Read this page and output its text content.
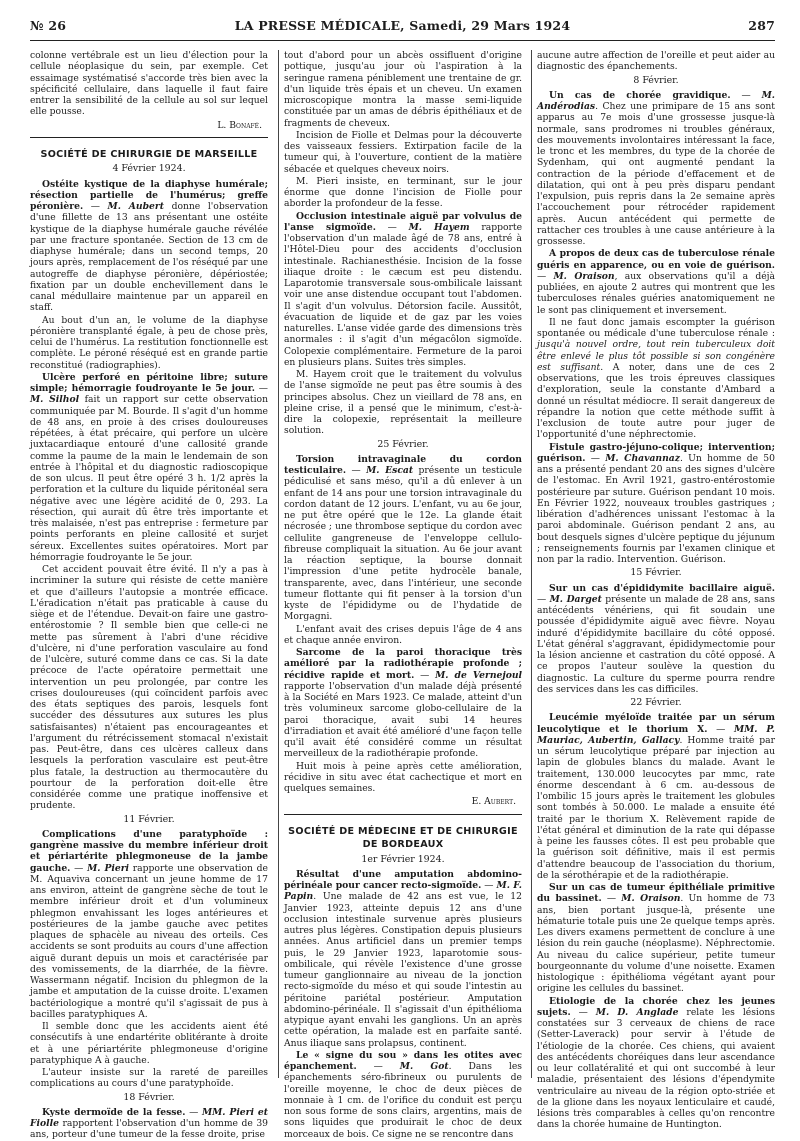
№ 26	LA PRESSE MÉDICALE, Samedi, 29 Mars 1924	287

colonne vertébrale est un lieu d'élection pour la cellule néoplasique du sein, par exemple. Cet essaimage systématisé s'accorde très bien avec la spécificité cellulaire, dans laquelle il faut faire entrer la sensibilité de la cellule au sol sur lequel elle pousse.

L. Bonafé.

SOCIÉTÉ DE CHIRURGIE DE MARSEILLE
4 Février 1924.

Ostéite kystique de la diaphyse humérale; résection partielle de l'humérus; greffe péronière. — M. Aubert donne l'observation d'une fillette de 13 ans présentant une ostéite kystique de la diaphyse humérale gauche révélée par une fracture spontanée. Section de 13 cm de diaphyse humérale; dans un second temps, 20 jours après, remplacement de l'os réséqué par une autogreffe de diaphyse péronière, dépériostée; fixation par un double enchevillement dans le canal médullaire maintenue par un appareil en staff.

Au bout d'un an, le volume de la diaphyse péronière transplanté égale, à peu de chose près, celui de l'humérus. La restitution fonctionnelle est complète. Le péroné réséqué est en grande partie reconstitué (radiographies).

Ulcère perforé en péritoine libre; suture simple; hémorragie foudroyante le 5e jour. — M. Silhol fait un rapport sur cette observation communiquée par M. Bourde. Il s'agit d'un homme de 48 ans, en proie à des crises douloureuses répétées, à état précaire, qui perfore un ulcère juxtacardiaque entouré d'une callosité grande comme la paume de la main le lendemain de son entrée à l'hôpital et du diagnostic radioscopique de son ulcus. Il peut être opéré 3 h. 1/2 après la perforation et la culture du liquide péritonéal sera négative avec une légère acidité de 0, 293. La résection, qui aurait dû être très importante et très malaisée, n'est pas entreprise : fermeture par points perforants en pleine callosité et surjet séreux. Excellentes suites opératoires. Mort par hémorragie foudroyante le 5e jour.

Cet accident pouvait être évité. Il n'y a pas à incriminer la suture qui résiste de cette manière et que d'ailleurs l'autopsie a montrée efficace. L'éradication n'était pas praticable à cause du siège et de l'étendue. Devait-on faire une gastro-entérostomie ? Il semble bien que celle-ci ne mette pas sûrement à l'abri d'une récidive d'ulcère, ni d'une perforation vasculaire au fond de l'ulcère, suturé comme dans ce cas. Si la date précoce de l'acte opératoire permettait une intervention un peu prolongée, par contre les crises douloureuses (qui coïncident parfois avec des états septiques des parois, lesquels font succéder des déssutures aux sutures les plus satisfaisantes) n'étaient pas encourageantes et l'argument du rétrécissement stomacal n'existait pas. Peut-être, dans ces ulcères calleux dans lesquels la perforation vasculaire est peut-être plus fatale, la destruction au thermocautère du pourtour de la perforation doit-elle être considérée comme une pratique inoffensive et prudente.

11 Février.

Complications d'une paratyphoïde : gangrène massive du membre inférieur droit et périartérite phlegmoneuse de la jambe gauche. — M. Pieri rapporte une observation de M. Aquaviva concernant un jeune homme de 17 ans environ, atteint de gangrène sèche de tout le membre inférieur droit et d'un volumineux phlegmon envahissant les loges antérieures et postérieures de la jambe gauche avec petites plaques de sphacèle au niveau des orteils. Ces accidents se sont produits au cours d'une affection aiguë durant depuis un mois et caractérisée par des vomissements, de la diarrhée, de la fièvre. Wassermann négatif. Incision du phlegmon de la jambe et amputation de la cuisse droite. L'examen bactériologique a montré qu'il s'agissait de pus à bacilles paratyphiques A.

Il semble donc que les accidents aient été consécutifs à une endartérite oblitérante à droite et à une périartérite phlegmoneuse d'origine paratyphique A à gauche.

L'auteur insiste sur la rareté de pareilles complications au cours d'une paratyphoïde.

18 Février.

Kyste dermoïde de la fesse. — MM. Pieri et Fiolle rapportent l'observation d'un homme de 39 ans, porteur d'une tumeur de la fesse droite, prise

tout d'abord pour un abcès ossifluent d'origine pottique, jusqu'au jour où l'aspiration à la seringue ramena péniblement une trentaine de gr. d'un liquide très épais et un cheveu. Un examen microscopique montra la masse semi-liquide constituée par un amas de débris épithéliaux et de fragments de cheveux.

Incision de Fiolle et Delmas pour la découverte des vaisseaux fessiers. Extirpation facile de la tumeur qui, à l'ouverture, contient de la matière sébacée et quelques cheveux noirs.

M. Pieri insiste, en terminant, sur le jour énorme que donne l'incision de Fiolle pour aborder la profondeur de la fesse.

Occlusion intestinale aiguë par volvulus de l'anse sigmoïde. — M. Hayem rapporte l'observation d'un malade âgé de 78 ans, entré à l'Hôtel-Dieu pour des accidents d'occlusion intestinale. Rachianesthésie. Incision de la fosse iliaque droite : le cæcum est peu distendu. Laparotomie transversale sous-ombilicale laissant voir une anse distendue occupant tout l'abdomen. Il s'agit d'un volvulus. Détorsion facile. Aussitôt, évacuation de liquide et de gaz par les voies naturelles. L'anse vidée garde des dimensions très anormales : il s'agit d'un mégacôlon sigmoïde. Colopexie complémentaire. Fermeture de la paroi en plusieurs plans. Suites très simples.

M. Hayem croit que le traitement du volvulus de l'anse sigmoïde ne peut pas être soumis à des principes absolus. Chez un vieillard de 78 ans, en pleine crise, il a pensé que le minimum, c'est-à-dire la colopexie, représentait la meilleure solution.

25 Février.

Torsion intravaginale du cordon testiculaire. — M. Escat présente un testicule pédiculisé et sans méso, qu'il a dû enlever à un enfant de 14 ans pour une torsion intravaginale du cordon datant de 12 jours. L'enfant, vu au 6e jour, ne put être opéré que le 12e. La glande était nécrosée ; une thrombose septique du cordon avec cellulite gangreneuse de l'enveloppe cellulo-fibreuse compliquait la situation. Au 6e jour avant la réaction septique, la bourse donnait l'impression d'une petite hydrocèle banale, transparente, avec, dans l'intérieur, une seconde tumeur flottante qui fit penser à la torsion d'un kyste de l'épididyme ou de l'hydatide de Morgagni.

L'enfant avait des crises depuis l'âge de 4 ans et chaque année environ.

Sarcome de la paroi thoracique très amélioré par la radiothérapie profonde ; récidive rapide et mort. — M. de Vernejoul rapporte l'observation d'un malade déjà présenté à la Société en Mars 1923. Ce malade, atteint d'un très volumineux sarcome globo-cellulaire de la paroi thoracique, avait subi 14 heures d'irradiation et avait été amélioré d'une façon telle qu'il avait été considéré comme un résultat merveilleux de la radiothérapie profonde.

Huit mois à peine après cette amélioration, récidive in situ avec état cachectique et mort en quelques semaines.

E. Aubert.

SOCIÉTÉ DE MÉDECINE ET DE CHIRURGIE
DE BORDEAUX
1er Février 1924.

Résultat d'une amputation abdomino-périnéale pour cancer recto-sigmoïde. — M. F. Papin. Une malade de 42 ans est vue, le 12 Janvier 1923, atteinte depuis 12 ans d'une occlusion intestinale survenue après plusieurs autres plus légères. Constipation depuis plusieurs années. Anus artificiel dans un premier temps puis, le 29 Janvier 1923, laparotomie sous-ombilicale, qui révèle l'existence d'une grosse tumeur ganglionnaire au niveau de la jonction recto-sigmoïde du méso et qui soude l'intestin au péritoine pariétal postérieur. Amputation abdomino-périnéale. Il s'agissait d'un épithélioma atypique ayant envahi les ganglions. Un an après cette opération, la malade est en parfaite santé. Anus iliaque sans prolapsus, continent.

Le « signe du sou » dans les otites avec épanchement. — M. Got. Dans les épanchements séro-fibrineux ou purulents de l'oreille moyenne, le choc de deux pièces de monnaie à 1 cm. de l'orifice du conduit est perçu non sous forme de sons clairs, argentins, mais de sons liquides que produirait le choc de deux morceaux de bois. Ce signe ne se rencontre dans

aucune autre affection de l'oreille et peut aider au diagnostic des épanchements.

8 Février.

Un cas de chorée gravidique. — M. Andérodias. Chez une primipare de 15 ans sont apparus au 7e mois d'une grossesse jusque-là normale, sans prodromes ni troubles généraux, des mouvements involontaires intéressant la face, le tronc et les membres, du type de la chorée de Sydenham, qui ont augmenté pendant la contraction de la période d'effacement et de dilatation, qui ont à peu près disparu pendant l'expulsion, puis repris dans la 2e semaine après l'accouchement pour rétrocéder rapidement après. Aucun antécédent qui permette de rattacher ces troubles à une cause antérieure à la grossesse.

A propos de deux cas de tuberculose rénale guéris en apparence, ou en voie de guérison. — M. Oraison, aux observations qu'il a déjà publiées, en ajoute 2 autres qui montrent que les tuberculoses rénales guéries anatomiquement ne le sont pas cliniquement et inversement.

Il ne faut donc jamais escompter la guérison spontanée ou médicale d'une tuberculose rénale : jusqu'à nouvel ordre, tout rein tuberculeux doit être enlevé le plus tôt possible si son congénère est suffisant. A noter, dans une de ces 2 observations, que les trois épreuves classiques d'exploration, seule la constante d'Ambard a donné un résultat médiocre. Il serait dangereux de répandre la notion que cette méthode suffit à l'exclusion de toute autre pour juger de l'opportunité d'une néphrectomie.

Fistule gastro-jéjuno-colique; intervention; guérison. — M. Chavannaz. Un homme de 50 ans a présenté pendant 20 ans des signes d'ulcère de l'estomac. En Avril 1921, gastro-entérostomie postérieure par suture. Guérison pendant 10 mois. En Février 1922, nouveaux troubles gastriques ; libération d'adhérences unissant l'estomac à la paroi abdominale. Guérison pendant 2 ans, au bout desquels signes d'ulcère peptique du jéjunum ; renseignements fournis par l'examen clinique et non par la radio. Intervention. Guérison.

15 Février.

Sur un cas d'épididymite bacillaire aiguë. — M. Darget présente un malade de 28 ans, sans antécédents vénériens, qui fit soudain une poussée d'épididymite aiguë avec fièvre. Noyau induré d'épididymite bacillaire du côté opposé. L'état général s'aggravant, épididymectomie pour la lésion ancienne et castration du côté opposé. A ce propos l'auteur soulève la question du diagnostic. La culture du sperme pourra rendre des services dans les cas difficiles.

22 Février.

Leucémie myéloïde traitée par un sérum leucolytique et le thorium X. — MM. P. Mauriac, Aubertin, Gallacy. Homme traité par un sérum leucolytique préparé par injection au lapin de globules blancs du malade. Avant le traitement, 130.000 leucocytes par mmc, rate énorme descendant à 6 cm. au-dessous de l'ombilic 15 jours après le traitement les globules sont tombés à 50.000. Le malade a ensuite été traité par le thorium X. Relèvement rapide de l'état général et diminution de la rate qui dépasse à peine les fausses côtes. Il est peu probable que la guérison soit définitive, mais il est permis d'attendre beaucoup de l'association du thorium, de la sérothérapie et de la radiothérapie.

Sur un cas de tumeur épithéliale primitive du bassinet. — M. Oraison. Un homme de 73 ans, bien portant jusque-là, présente une hématurie totale puis une 2e quelque temps après. Les divers examens permettent de conclure à une lésion du rein gauche (néoplasme). Néphrectomie. Au niveau du calice supérieur, petite tumeur bourgeonnante du volume d'une noisette. Examen histologique : épithélioma végétant ayant pour origine les cellules du bassinet.

Etiologie de la chorée chez les jeunes sujets. — M. D. Anglade relate les lésions constatées sur 3 cerveaux de chiens de race (Setter-Laverack) pour servir à l'étude de l'étiologie de la chorée. Ces chiens, qui avaient des antécédents choréiques dans leur ascendance ou leur collatéralité et qui ont succombé à leur maladie, présentaient des lésions d'épendymite ventriculaire au niveau de la région opto-striée et de la glione dans les noyaux lenticulaire et caudé, lésions très comparables à celles qu'on rencontre dans la chorée humaine de Huntington.
